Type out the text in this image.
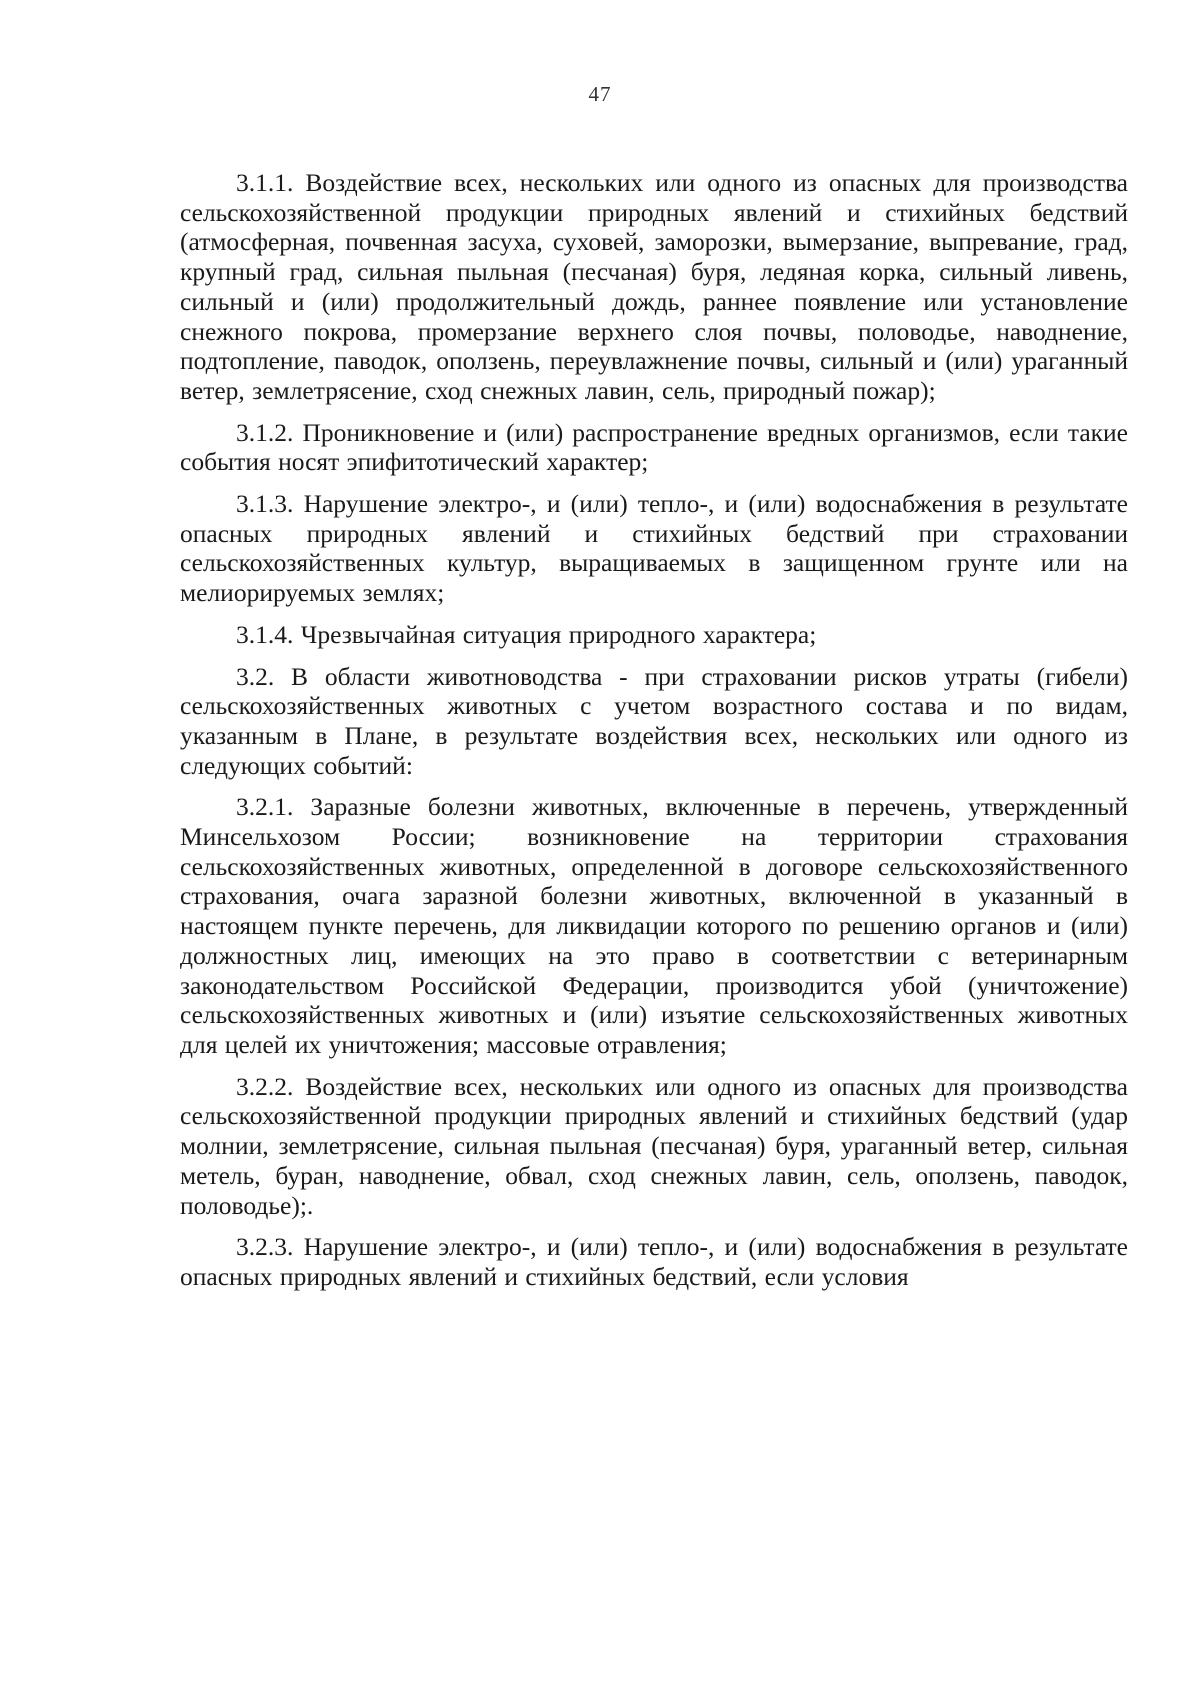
47

3.1.1. Воздействие всех, нескольких или одного из опасных для производства сельскохозяйственной продукции природных явлений и стихийных бедствий (атмосферная, почвенная засуха, суховей, заморозки, вымерзание, выпревание, град, крупный град, сильная пыльная (песчаная) буря, ледяная корка, сильный ливень, сильный и (или) продолжительный дождь, раннее появление или установление снежного покрова, промерзание верхнего слоя почвы, половодье, наводнение, подтопление, паводок, оползень, переувлажнение почвы, сильный и (или) ураганный ветер, землетрясение, сход снежных лавин, сель, природный пожар);

3.1.2. Проникновение и (или) распространение вредных организмов, если такие события носят эпифитотический характер;

3.1.3. Нарушение электро-, и (или) тепло-, и (или) водоснабжения в результате опасных природных явлений и стихийных бедствий при страховании сельскохозяйственных культур, выращиваемых в защищенном грунте или на мелиорируемых землях;

3.1.4. Чрезвычайная ситуация природного характера;

3.2. В области животноводства - при страховании рисков утраты (гибели) сельскохозяйственных животных с учетом возрастного состава и по видам, указанным в Плане, в результате воздействия всех, нескольких или одного из следующих событий:

3.2.1. Заразные болезни животных, включенные в перечень, утвержденный Минсельхозом России; возникновение на территории страхования сельскохозяйственных животных, определенной в договоре сельскохозяйственного страхования, очага заразной болезни животных, включенной в указанный в настоящем пункте перечень, для ликвидации которого по решению органов и (или) должностных лиц, имеющих на это право в соответствии с ветеринарным законодательством Российской Федерации, производится убой (уничтожение) сельскохозяйственных животных и (или) изъятие сельскохозяйственных животных для целей их уничтожения; массовые отравления;

3.2.2. Воздействие всех, нескольких или одного из опасных для производства сельскохозяйственной продукции природных явлений и стихийных бедствий (удар молнии, землетрясение, сильная пыльная (песчаная) буря, ураганный ветер, сильная метель, буран, наводнение, обвал, сход снежных лавин, сель, оползень, паводок, половодье);.

3.2.3. Нарушение электро-, и (или) тепло-, и (или) водоснабжения в результате опасных природных явлений и стихийных бедствий, если условия
